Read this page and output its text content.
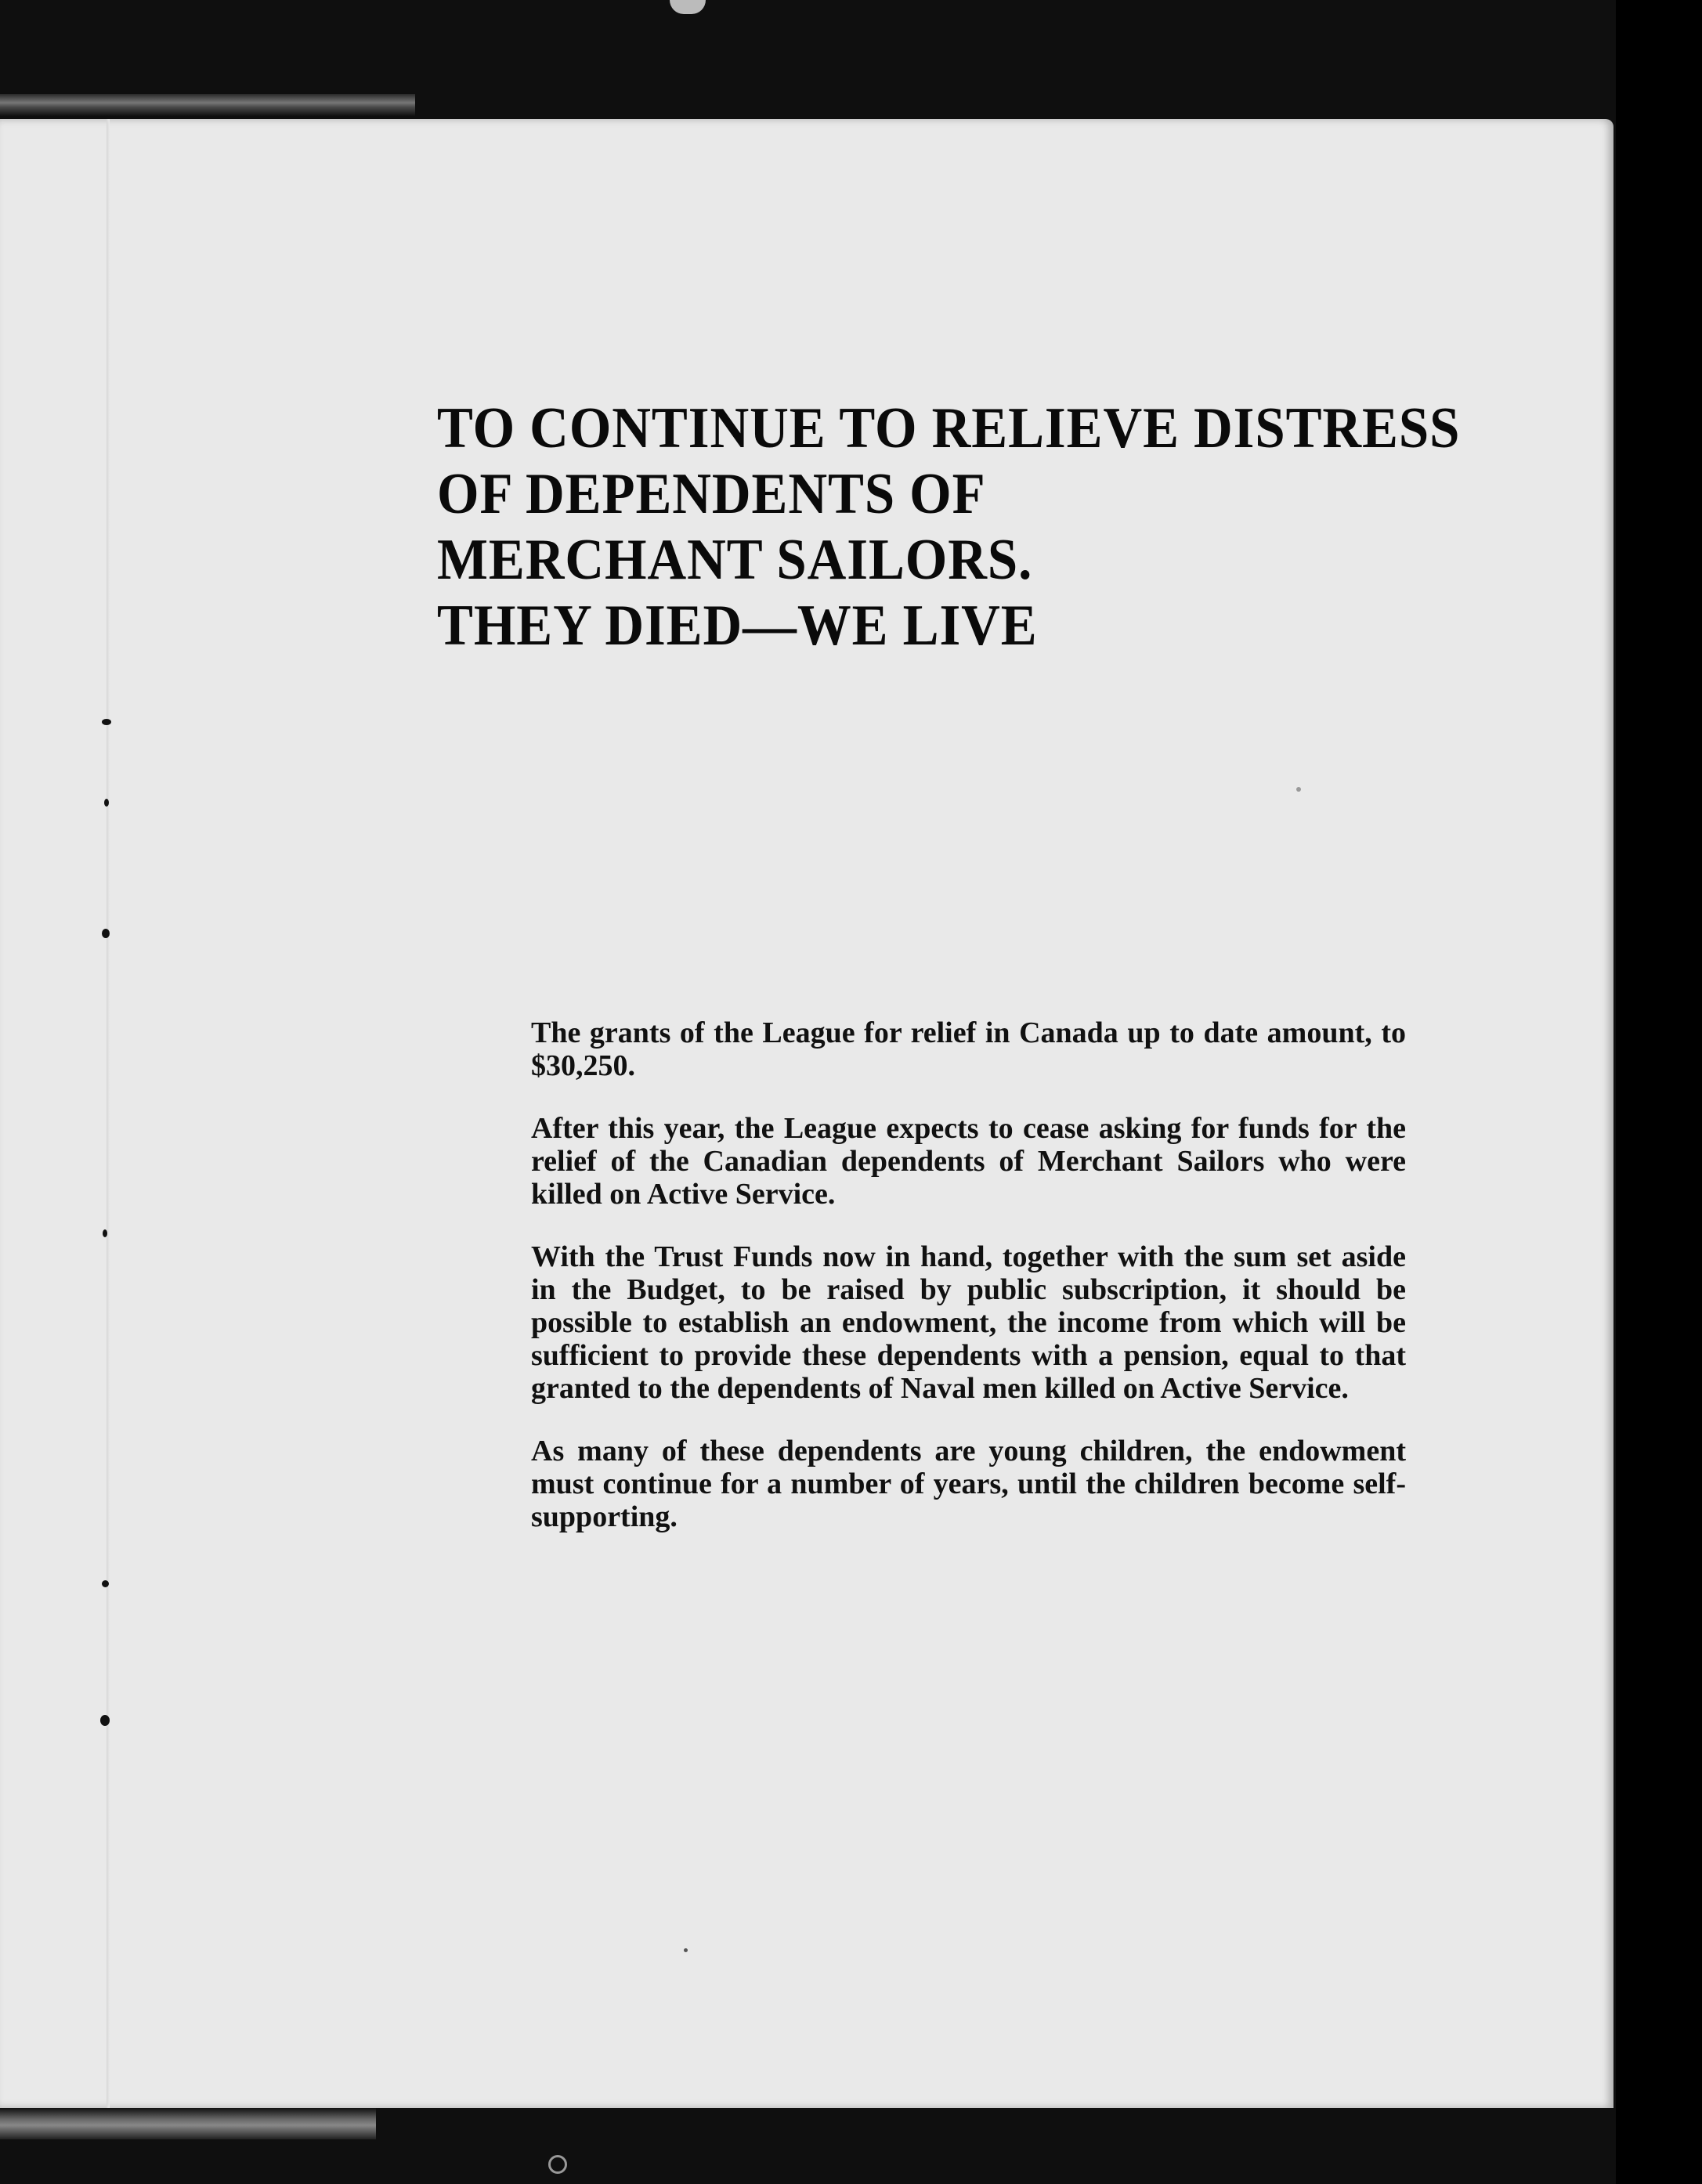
TO CONTINUE TO RELIEVE DISTRESS
OF DEPENDENTS OF
MERCHANT SAILORS.
THEY DIED—WE LIVE

The grants of the League for relief in Canada up to date amount, to $30,250.

After this year, the League expects to cease asking for funds for the relief of the Canadian dependents of Merchant Sailors who were killed on Active Service.

With the Trust Funds now in hand, together with the sum set aside in the Budget, to be raised by public subscription, it should be possible to establish an endowment, the income from which will be sufficient to provide these dependents with a pension, equal to that granted to the dependents of Naval men killed on Active Service.

As many of these dependents are young children, the endowment must continue for a number of years, until the children become self-supporting.
